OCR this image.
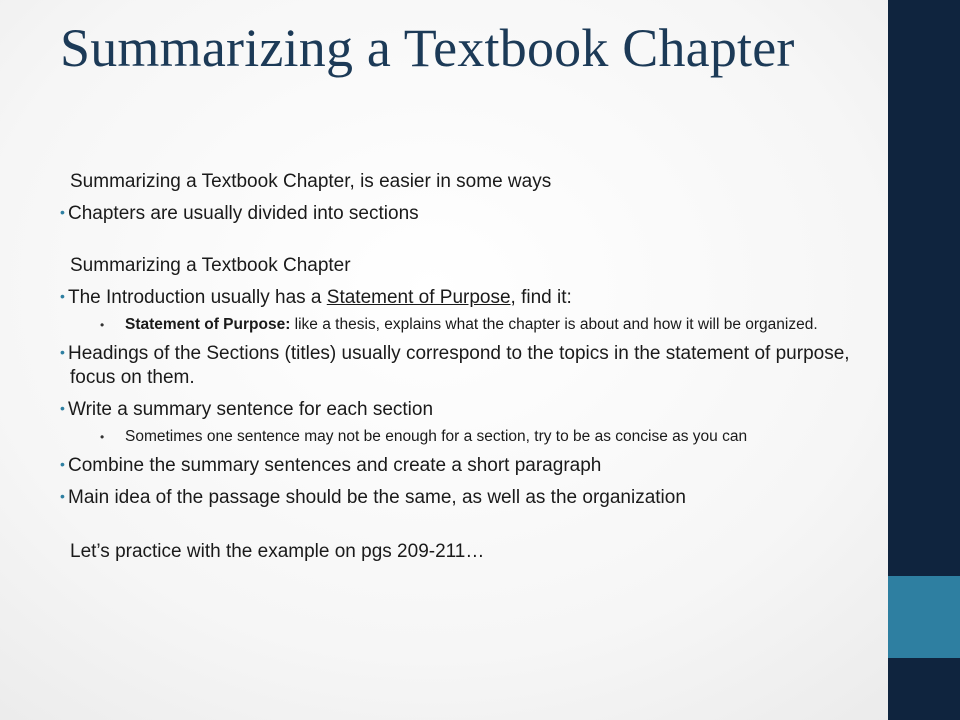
Summarizing a Textbook Chapter

Summarizing a Textbook Chapter, is easier in some ways

• Chapters are usually divided into sections

Summarizing a Textbook Chapter

• The Introduction usually has a Statement of Purpose, find it:
• Statement of Purpose: like a thesis, explains what the chapter is about and how it will be organized.
• Headings of the Sections (titles) usually correspond to the topics in the statement of purpose, focus on them.
• Write a summary sentence for each section
• Sometimes one sentence may not be enough for a section, try to be as concise as you can
• Combine the summary sentences and create a short paragraph
• Main idea of the passage should be the same, as well as the organization

Let’s practice with the example on pgs 209-211…
